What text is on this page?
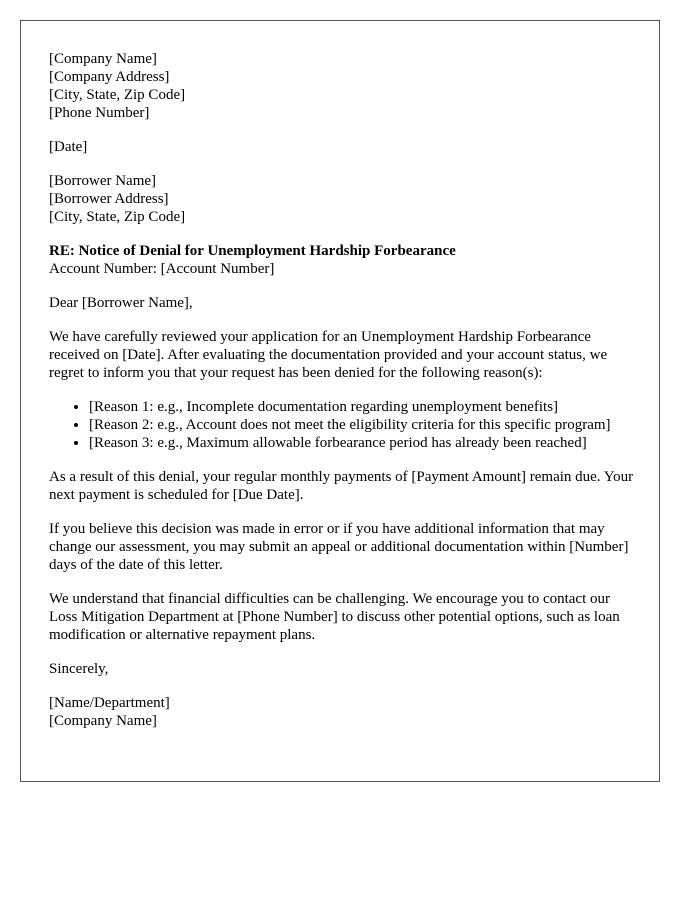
[Company Name]
[Company Address]
[City, State, Zip Code]
[Phone Number]
[Date]
[Borrower Name]
[Borrower Address]
[City, State, Zip Code]
RE: Notice of Denial for Unemployment Hardship Forbearance
Account Number: [Account Number]

Dear [Borrower Name],

We have carefully reviewed your application for an Unemployment Hardship Forbearance received on [Date]. After evaluating the documentation provided and your account status, we regret to inform you that your request has been denied for the following reason(s):

• [Reason 1: e.g., Incomplete documentation regarding unemployment benefits]
• [Reason 2: e.g., Account does not meet the eligibility criteria for this specific program]
• [Reason 3: e.g., Maximum allowable forbearance period has already been reached]

As a result of this denial, your regular monthly payments of [Payment Amount] remain due. Your next payment is scheduled for [Due Date].

If you believe this decision was made in error or if you have additional information that may change our assessment, you may submit an appeal or additional documentation within [Number] days of the date of this letter.

We understand that financial difficulties can be challenging. We encourage you to contact our Loss Mitigation Department at [Phone Number] to discuss other potential options, such as loan modification or alternative repayment plans.

Sincerely,

[Name/Department]
[Company Name]
